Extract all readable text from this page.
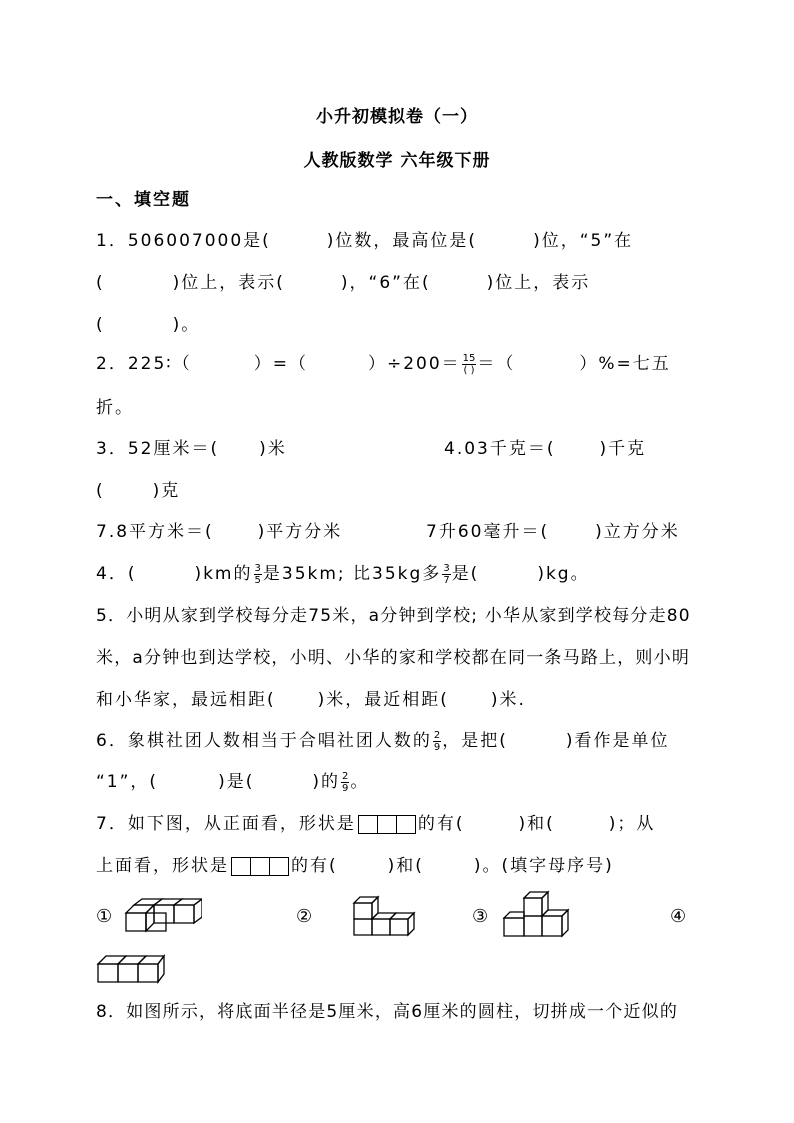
小升初模拟卷（一）
人教版数学 六年级下册
一、填空题
1．506007000是(	)位数，最高位是(	)位，“5”在
(	)位上，表示(	)，“6”在(	)位上，表示
(	)。
2．225∶（	）=（	）$\div 200= \frac{15}{( )}$ ＝（	）%=七五
折。
3．52厘米＝( )米	4.03千克＝(	)千克
(	)克
7.8平方米＝(	)平方分米	7升60毫升＝(	)立方分米
4．(	)km的 $\frac{3}{5}$ 是35km; 比35kg多 $\frac{3}{7}$ 是(	)kg。
5．小明从家到学校每分走75米，a分钟到学校; 小华从家到学校每分走80
米，a分钟也到达学校，小明、小华的家和学校都在同一条马路上，则小明
和小华家，最远相距( )米，最近相距( )米.
6．象棋社团人数相当于合唱社团人数的 $\frac{2}{9}$ ，是把(	)看作是单位
“1”，(	)是(	)的 $\frac{2}{9}$ 。
7．如下图，从正面看，形状是	的有(	)和(	)；从
上面看，形状是	的有(	)和(	)。(填字母序号)
①	②	③	④
8．如图所示，将底面半径是5厘米，高6厘米的圆柱，切拼成一个近似的
